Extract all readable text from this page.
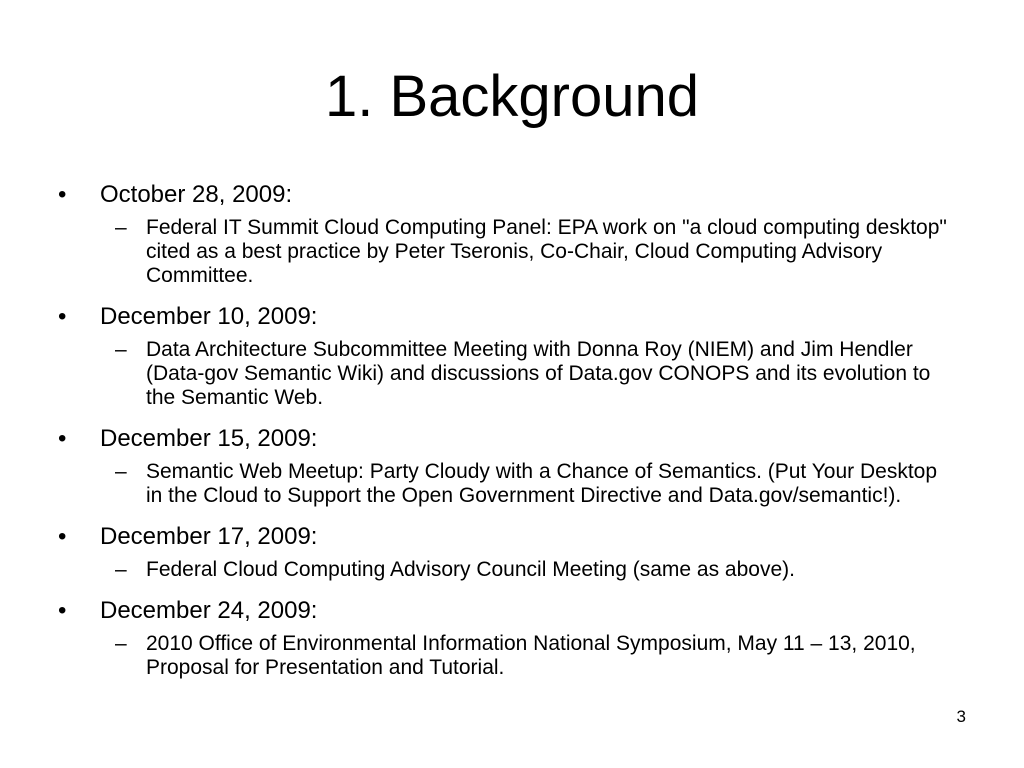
1. Background
•	October 28, 2009:
– Federal IT Summit Cloud Computing Panel: EPA work on "a cloud computing desktop" cited as a best practice by Peter Tseronis, Co-Chair, Cloud Computing Advisory Committee.
•	December 10, 2009:
– Data Architecture Subcommittee Meeting with Donna Roy (NIEM) and Jim Hendler (Data-gov Semantic Wiki) and discussions of Data.gov CONOPS and its evolution to the Semantic Web.
•	December 15, 2009:
– Semantic Web Meetup: Party Cloudy with a Chance of Semantics. (Put Your Desktop in the Cloud to Support the Open Government Directive and Data.gov/semantic!).
•	December 17, 2009:
– Federal Cloud Computing Advisory Council Meeting (same as above).
•	December 24, 2009:
– 2010 Office of Environmental Information National Symposium, May 11 – 13, 2010, Proposal for Presentation and Tutorial.
3
